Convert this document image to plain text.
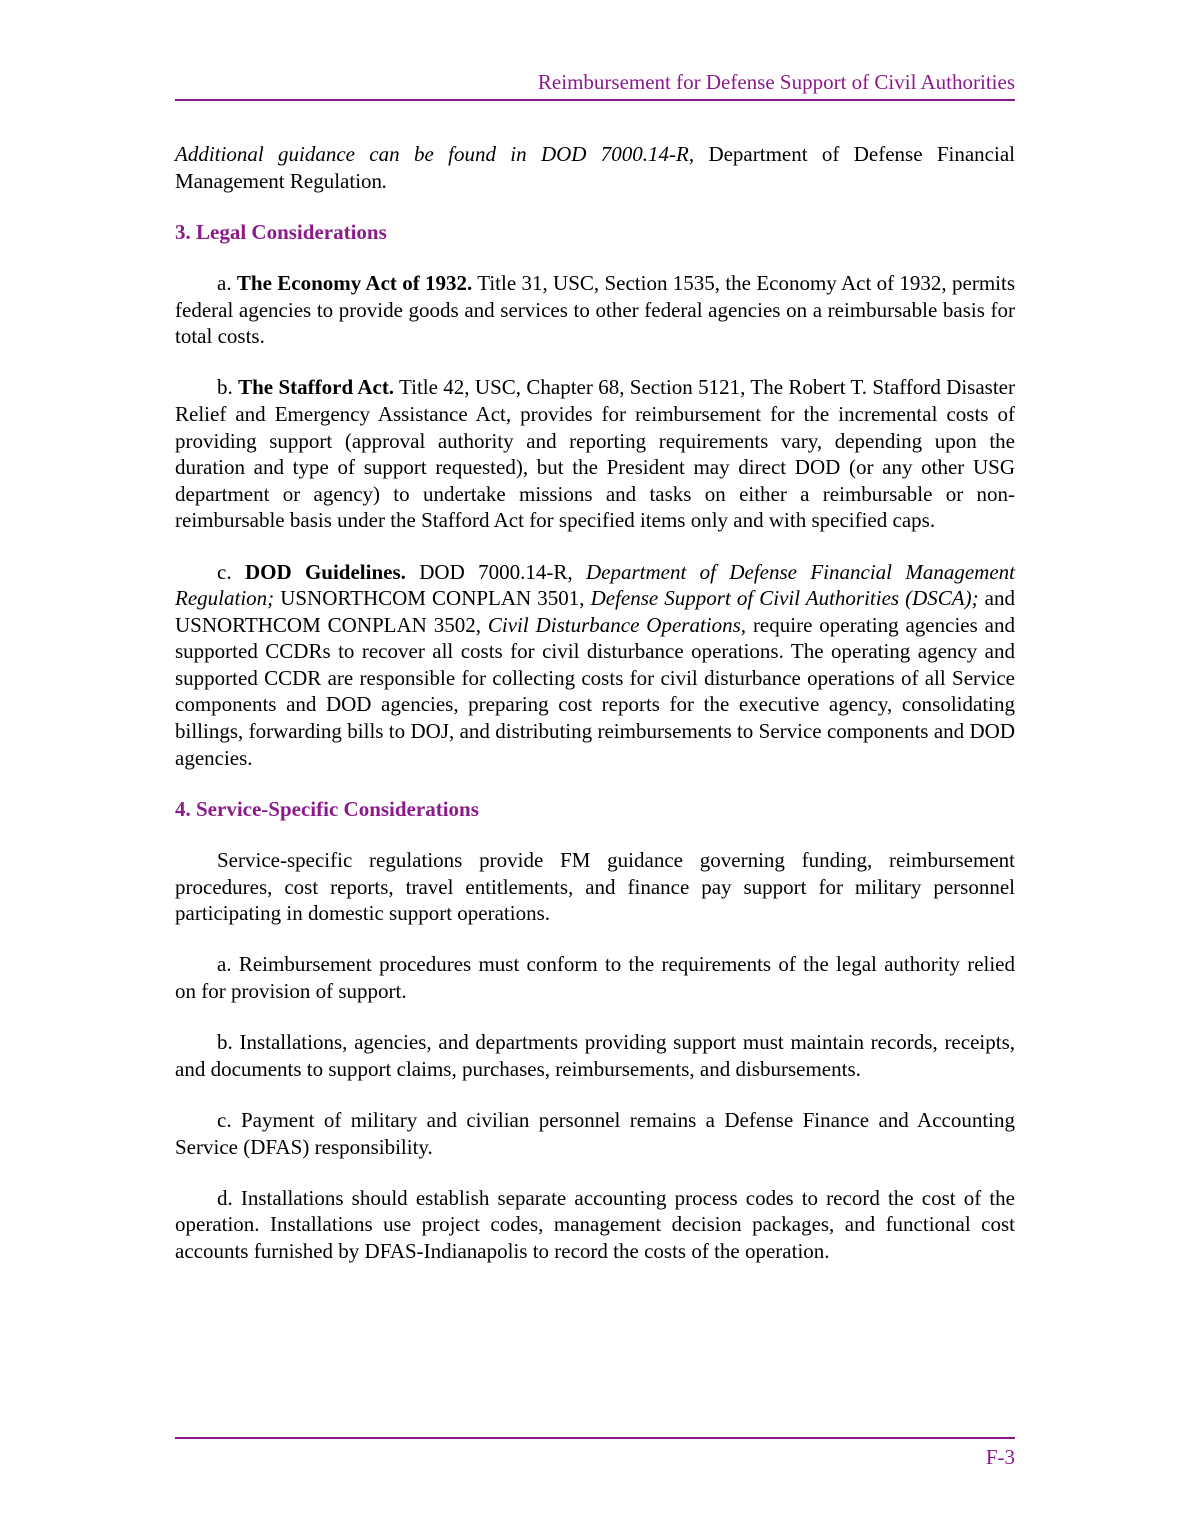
Reimbursement for Defense Support of Civil Authorities

Additional guidance can be found in DOD 7000.14-R, Department of Defense Financial Management Regulation.

3. Legal Considerations

a. The Economy Act of 1932. Title 31, USC, Section 1535, the Economy Act of 1932, permits federal agencies to provide goods and services to other federal agencies on a reimbursable basis for total costs.

b. The Stafford Act. Title 42, USC, Chapter 68, Section 5121, The Robert T. Stafford Disaster Relief and Emergency Assistance Act, provides for reimbursement for the incremental costs of providing support (approval authority and reporting requirements vary, depending upon the duration and type of support requested), but the President may direct DOD (or any other USG department or agency) to undertake missions and tasks on either a reimbursable or non-reimbursable basis under the Stafford Act for specified items only and with specified caps.

c. DOD Guidelines. DOD 7000.14-R, Department of Defense Financial Management Regulation; USNORTHCOM CONPLAN 3501, Defense Support of Civil Authorities (DSCA); and USNORTHCOM CONPLAN 3502, Civil Disturbance Operations, require operating agencies and supported CCDRs to recover all costs for civil disturbance operations. The operating agency and supported CCDR are responsible for collecting costs for civil disturbance operations of all Service components and DOD agencies, preparing cost reports for the executive agency, consolidating billings, forwarding bills to DOJ, and distributing reimbursements to Service components and DOD agencies.

4. Service-Specific Considerations

Service-specific regulations provide FM guidance governing funding, reimbursement procedures, cost reports, travel entitlements, and finance pay support for military personnel participating in domestic support operations.

a. Reimbursement procedures must conform to the requirements of the legal authority relied on for provision of support.

b. Installations, agencies, and departments providing support must maintain records, receipts, and documents to support claims, purchases, reimbursements, and disbursements.

c. Payment of military and civilian personnel remains a Defense Finance and Accounting Service (DFAS) responsibility.

d. Installations should establish separate accounting process codes to record the cost of the operation. Installations use project codes, management decision packages, and functional cost accounts furnished by DFAS-Indianapolis to record the costs of the operation.

F-3
